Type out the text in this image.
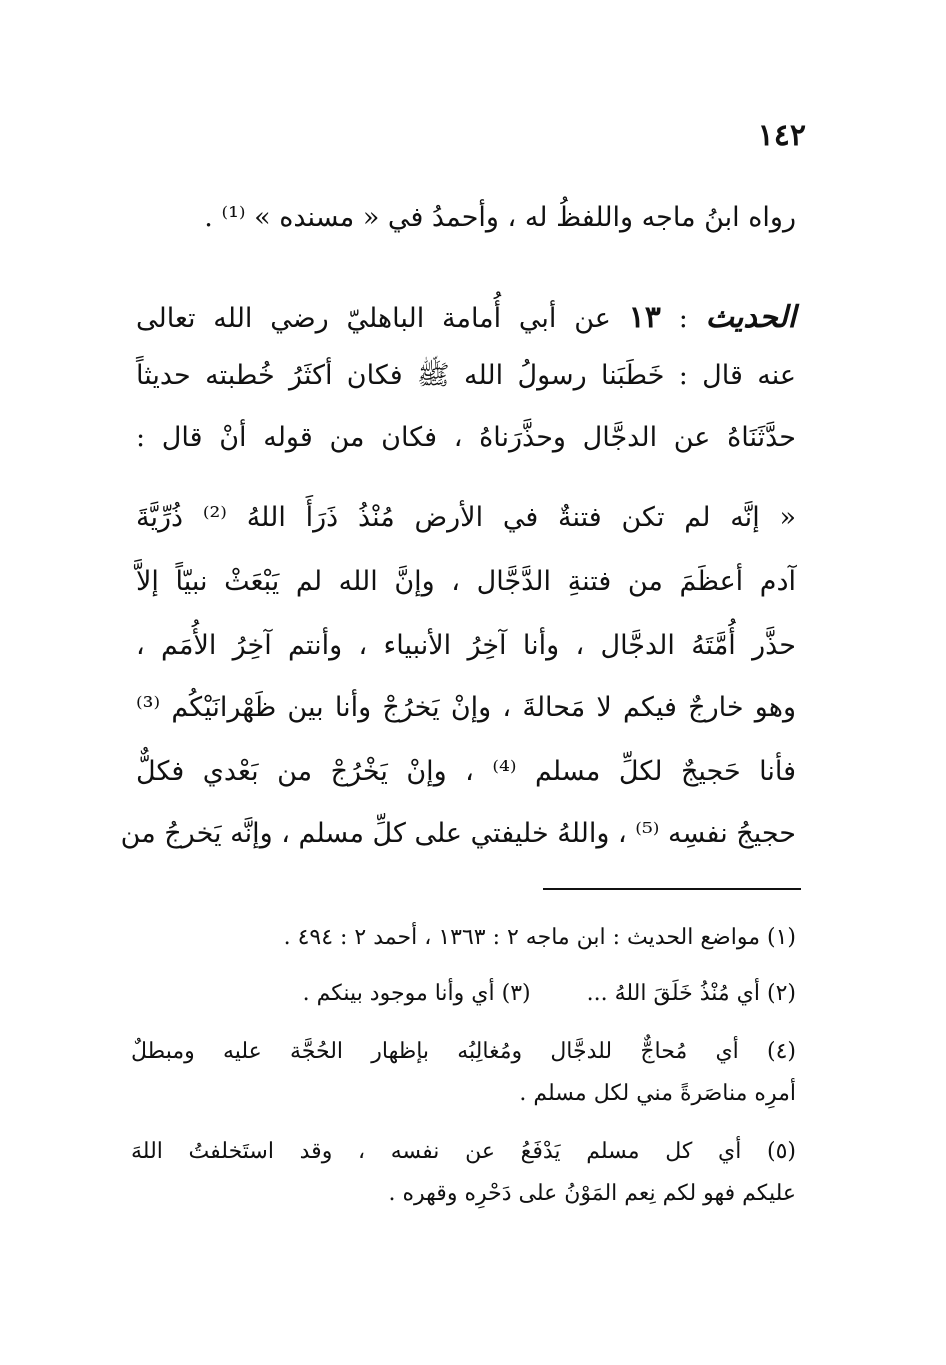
١٤٢
رواه ابنُ ماجه واللفظُ له ، وأحمدُ في « مسنده » ⁽¹⁾ .
الحديث : ١٣ عن أبي أُمامة الباهليّ رضي الله تعالى
عنه قال : خَطَبَنا رسولُ الله ﷺ فكان أكثَرُ خُطبته حديثاً
حدَّثَنَاهُ عن الدجَّال وحذَّرَناهُ ، فكان من قوله أنْ قال :
« إنَّه لم تكن فتنةٌ في الأرض مُنْذُ ذَرَأَ اللهُ ⁽²⁾ ذُرِّيَّةَ
آدم أعظَمَ من فتنةِ الدَّجَّال ، وإنَّ الله لم يَبْعَثْ نبيّاً إلاَّ
حذَّر أُمَّتَهُ الدجَّال ، وأنا آخِرُ الأنبياء ، وأنتم آخِرُ الأُمَم ،
وهو خارجٌ فيكم لا مَحالةَ ، وإنْ يَخرُجْ وأنا بين ظَهْرانَيْكُم ⁽³⁾
فأنا حَجيجٌ لكلِّ مسلم ⁽⁴⁾ ، وإنْ يَخْرُجْ من بَعْدي فكلٌّ
حجيجُ نفسِه ⁽⁵⁾ ، واللهُ خليفتي على كلِّ مسلم ، وإنَّه يَخرجُ من
(١) مواضع الحديث : ابن ماجه ٢ : ١٣٦٣ ، أحمد ٢ : ٤٩٤ .
(٢) أي مُنْذُ خَلَقَ اللهُ ...(٣) أي وأنا موجود بينكم .
(٤) أي مُحاجٌّ للدجَّال ومُغالِبُه بإظهار الحُجَّة عليه ومبطلٌ
أمرِه مناصَرةً مني لكل مسلم .
(٥) أي كل مسلم يَدْفَعُ عن نفسه ، وقد استَخلفتُ اللهَ
عليكم فهو لكم نِعم المَوْنُ على دَحْرِه وقهره .
